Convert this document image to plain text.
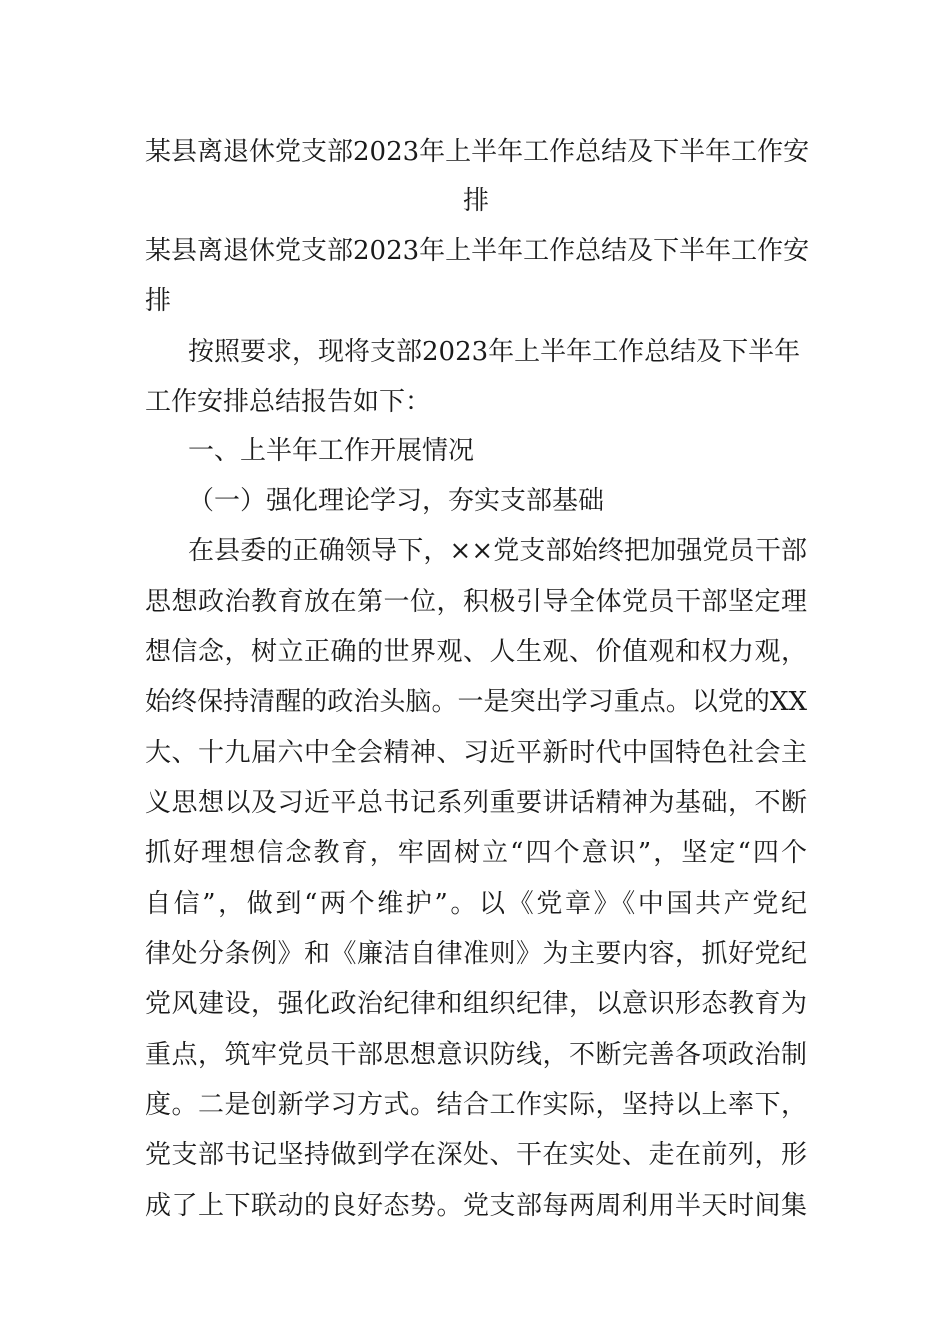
某县离退休党支部2023年上半年工作总结及下半年工作安
排
某县离退休党支部2023年上半年工作总结及下半年工作安
排
按照要求，现将支部2023年上半年工作总结及下半年
工作安排总结报告如下：
一、上半年工作开展情况
（一）强化理论学习，夯实支部基础
在县委的正确领导下，××党支部始终把加强党员干部
思想政治教育放在第一位，积极引导全体党员干部坚定理
想信念，树立正确的世界观、人生观、价值观和权力观，
始终保持清醒的政治头脑。一是突出学习重点。以党的XX
大、十九届六中全会精神、习近平新时代中国特色社会主
义思想以及习近平总书记系列重要讲话精神为基础，不断
抓好理想信念教育，牢固树立“四个意识”，坚定“四个
自信”，做到“两个维护”。以《党章》《中国共产党纪
律处分条例》和《廉洁自律准则》为主要内容，抓好党纪
党风建设，强化政治纪律和组织纪律，以意识形态教育为
重点，筑牢党员干部思想意识防线，不断完善各项政治制
度。二是创新学习方式。结合工作实际，坚持以上率下，
党支部书记坚持做到学在深处、干在实处、走在前列，形
成了上下联动的良好态势。党支部每两周利用半天时间集
